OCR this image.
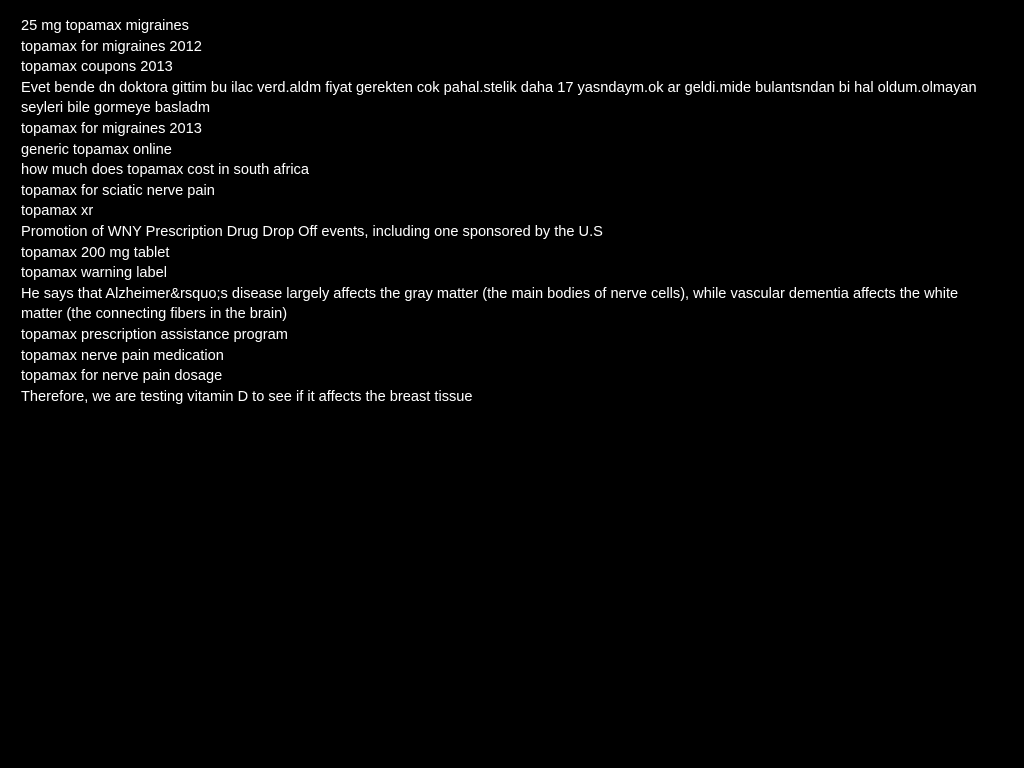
25 mg topamax migraines
topamax for migraines 2012
topamax coupons 2013
Evet bende dn doktora gittim bu ilac verd.aldm fiyat gerekten cok pahal.stelik daha 17 yasndaym.ok ar geldi.mide bulantsndan bi hal oldum.olmayan seyleri bile gormeye basladm
topamax for migraines 2013
generic topamax online
how much does topamax cost in south africa
topamax for sciatic nerve pain
topamax xr
Promotion of WNY Prescription Drug Drop Off events, including one sponsored by the U.S
topamax 200 mg tablet
topamax warning label
He says that Alzheimer&rsquo;s disease largely affects the gray matter (the main bodies of nerve cells), while vascular dementia affects the white matter (the connecting fibers in the brain)
topamax prescription assistance program
topamax nerve pain medication
topamax for nerve pain dosage
Therefore, we are testing vitamin D to see if it affects the breast tissue
